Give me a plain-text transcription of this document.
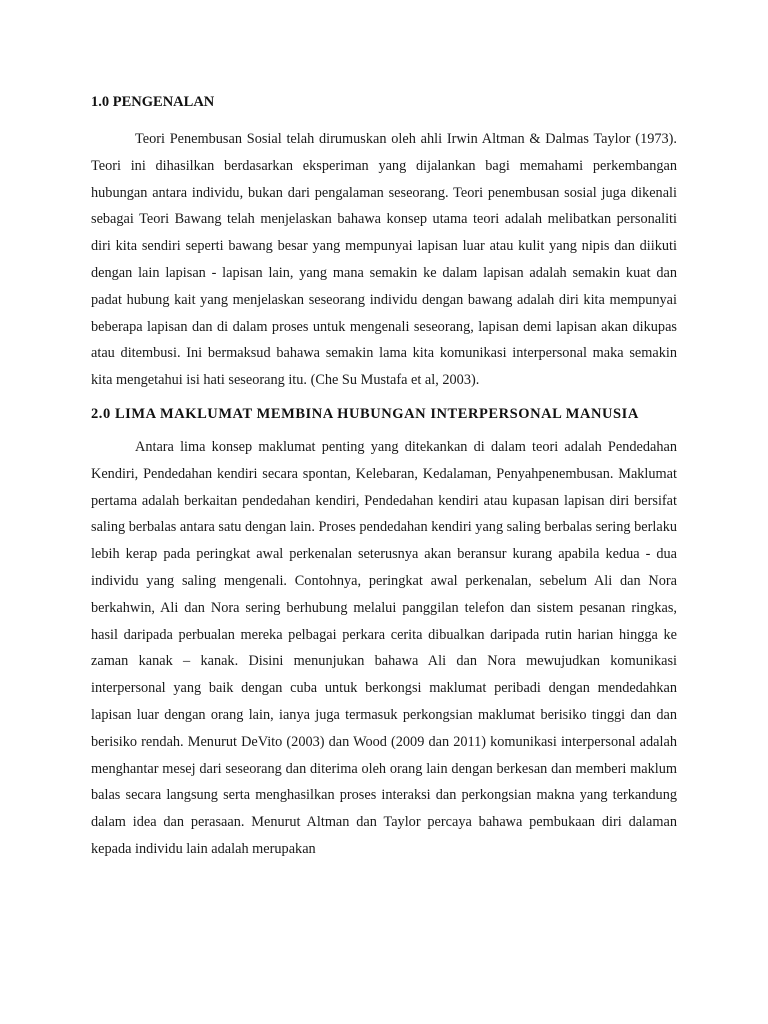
1.0 PENGENALAN

Teori Penembusan Sosial telah dirumuskan oleh ahli Irwin Altman & Dalmas Taylor (1973). Teori ini dihasilkan berdasarkan eksperiman yang dijalankan bagi memahami perkembangan hubungan antara individu, bukan dari pengalaman seseorang. Teori penembusan sosial juga dikenali sebagai Teori Bawang telah menjelaskan bahawa konsep utama teori adalah melibatkan personaliti diri kita sendiri seperti bawang besar yang mempunyai lapisan luar atau kulit yang nipis dan diikuti dengan lain lapisan - lapisan lain, yang mana semakin ke dalam lapisan adalah semakin kuat dan padat hubung kait yang menjelaskan seseorang individu dengan bawang adalah diri kita mempunyai beberapa lapisan dan di dalam proses untuk mengenali seseorang, lapisan demi lapisan akan dikupas atau ditembusi. Ini bermaksud bahawa semakin lama kita komunikasi interpersonal maka semakin kita mengetahui isi hati seseorang itu. (Che Su Mustafa et al, 2003).

2.0 LIMA MAKLUMAT MEMBINA HUBUNGAN INTERPERSONAL MANUSIA

Antara lima konsep maklumat penting yang ditekankan di dalam teori adalah Pendedahan Kendiri, Pendedahan kendiri secara spontan, Kelebaran, Kedalaman, Penyahpenembusan. Maklumat pertama adalah berkaitan pendedahan kendiri, Pendedahan kendiri atau kupasan lapisan diri bersifat saling berbalas antara satu dengan lain. Proses pendedahan kendiri yang saling berbalas sering berlaku lebih kerap pada peringkat awal perkenalan seterusnya akan beransur kurang apabila kedua - dua individu yang saling mengenali. Contohnya, peringkat awal perkenalan, sebelum Ali dan Nora berkahwin, Ali dan Nora sering berhubung melalui panggilan telefon dan sistem pesanan ringkas, hasil daripada perbualan mereka pelbagai perkara cerita dibualkan daripada rutin harian hingga ke zaman kanak – kanak. Disini menunjukan bahawa Ali dan Nora mewujudkan komunikasi interpersonal yang baik dengan cuba untuk berkongsi maklumat peribadi dengan mendedahkan lapisan luar dengan orang lain, ianya juga termasuk perkongsian maklumat berisiko tinggi dan dan berisiko rendah. Menurut DeVito (2003) dan Wood (2009 dan 2011) komunikasi interpersonal adalah menghantar mesej dari seseorang dan diterima oleh orang lain dengan berkesan dan memberi maklum balas secara langsung serta menghasilkan proses interaksi dan perkongsian makna yang terkandung dalam idea dan perasaan. Menurut Altman dan Taylor percaya bahawa pembukaan diri dalaman kepada individu lain adalah merupakan
